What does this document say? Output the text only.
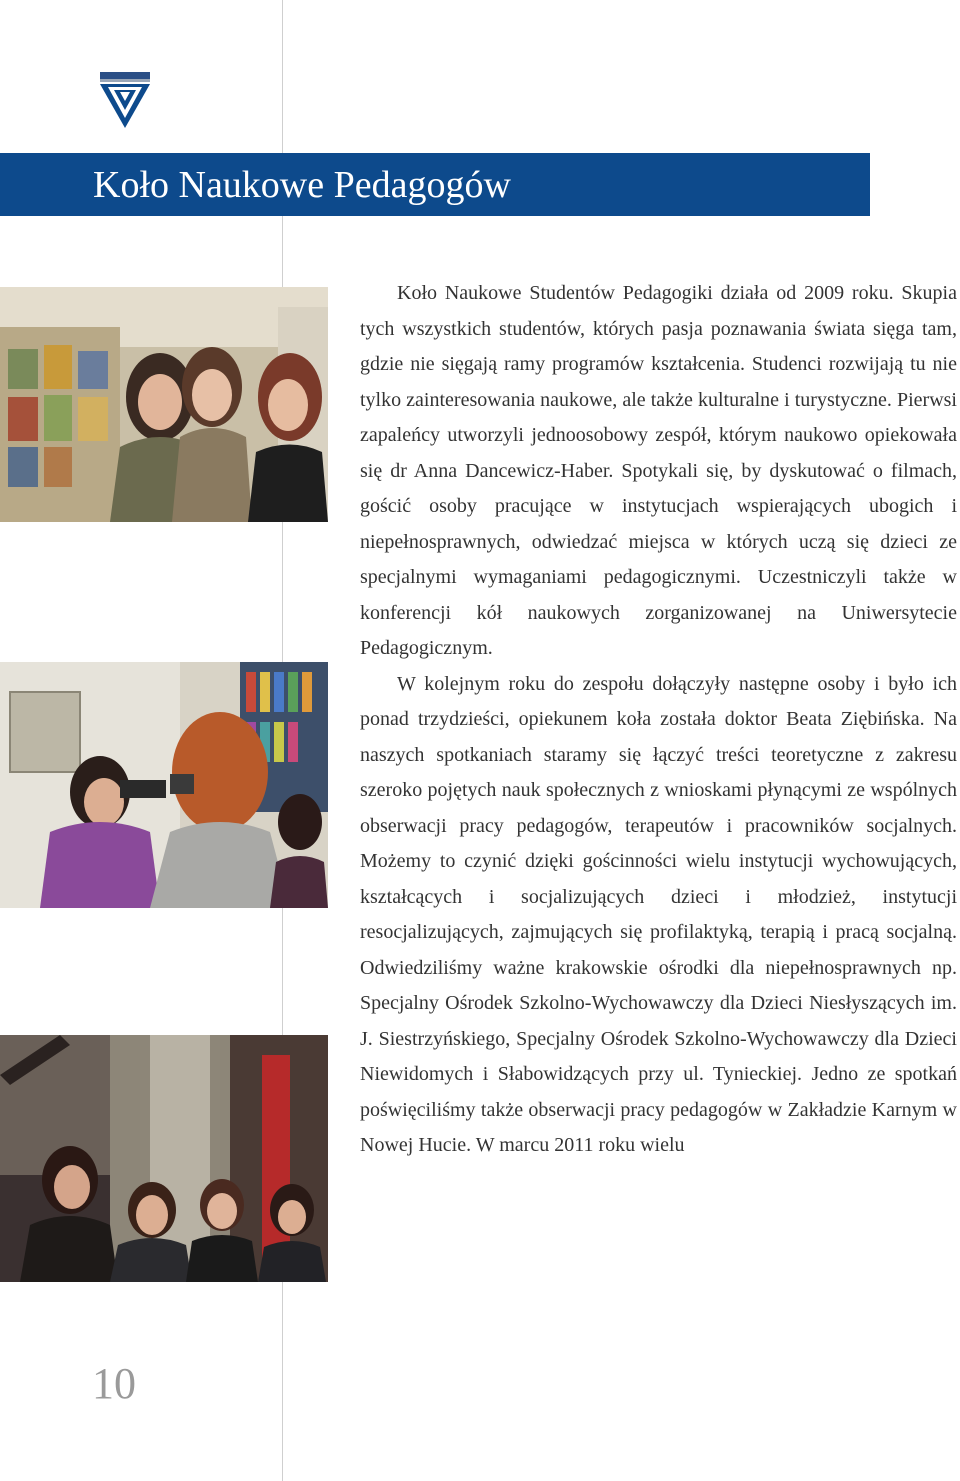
Koło Naukowe Pedagogów

Koło Naukowe Studentów Pedagogiki działa od 2009 roku. Skupia tych wszystkich studentów, których pasja poznawania świata sięga tam, gdzie nie sięgają ramy programów kształcenia. Studenci rozwijają tu nie tylko zainteresowania naukowe, ale także kulturalne i turystyczne. Pierwsi zapaleńcy utworzyli jednoosobowy zespół, którym naukowo opiekowała się dr Anna Dancewicz-Haber. Spotykali się, by dyskutować o filmach, gościć osoby pracujące w instytucjach wspierających ubogich i niepełnosprawnych, odwiedzać miejsca w których uczą się dzieci ze specjalnymi wymaganiami pedagogicznymi. Uczestniczyli także w konferencji kół naukowych zorganizowanej na Uniwersytecie Pedagogicznym.

W kolejnym roku do zespołu dołączyły następne osoby i było ich ponad trzydzieści, opiekunem koła została doktor Beata Ziębińska. Na naszych spotkaniach staramy się łączyć treści teoretyczne z zakresu szeroko pojętych nauk społecznych z wnioskami płynącymi ze wspólnych obserwacji pracy pedagogów, terapeutów i pracowników socjalnych. Możemy to czynić dzięki gościnności wielu instytucji wychowujących, kształcących i socjalizujących dzieci i młodzież, instytucji resocjalizujących, zajmujących się profilaktyką, terapią i pracą socjalną. Odwiedziliśmy ważne krakowskie ośrodki dla niepełnosprawnych np. Specjalny Ośrodek Szkolno-Wychowawczy dla Dzieci Niesłyszących im. J. Siestrzyńskiego, Specjalny Ośrodek Szkolno-Wychowawczy dla Dzieci Niewidomych i Słabowidzących przy ul. Tynieckiej. Jedno ze spotkań poświęciliśmy także obserwacji pracy pedagogów w Zakładzie Karnym w Nowej Hucie. W marcu 2011 roku wielu

10
